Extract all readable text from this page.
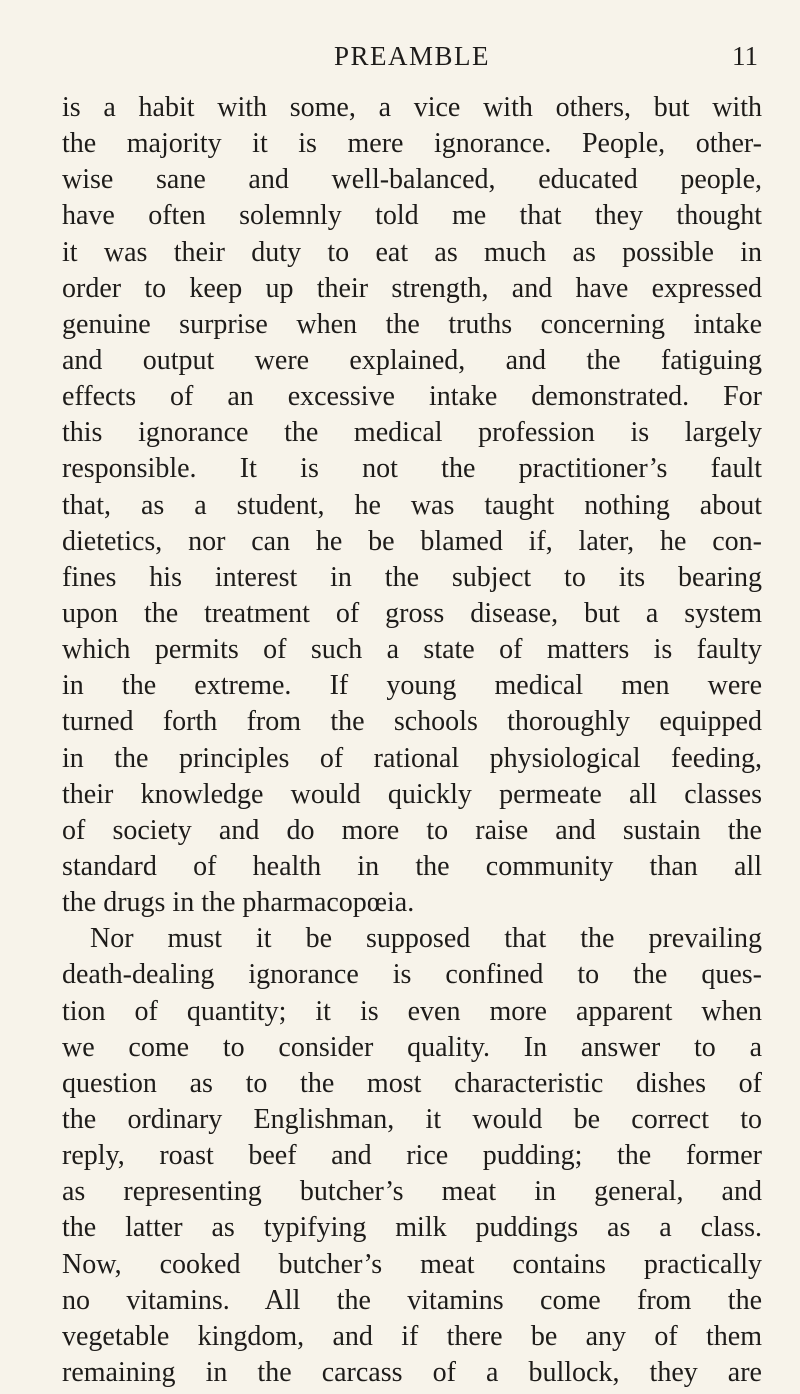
PREAMBLE	11
is a habit with some, a vice with others, but with
the majority it is mere ignorance. People, other-
wise sane and well-balanced, educated people,
have often solemnly told me that they thought
it was their duty to eat as much as possible in
order to keep up their strength, and have expressed
genuine surprise when the truths concerning intake
and output were explained, and the fatiguing
effects of an excessive intake demonstrated. For
this ignorance the medical profession is largely
responsible. It is not the practitioner’s fault
that, as a student, he was taught nothing about
dietetics, nor can he be blamed if, later, he con-
fines his interest in the subject to its bearing
upon the treatment of gross disease, but a system
which permits of such a state of matters is faulty
in the extreme. If young medical men were
turned forth from the schools thoroughly equipped
in the principles of rational physiological feeding,
their knowledge would quickly permeate all classes
of society and do more to raise and sustain the
standard of health in the community than all
the drugs in the pharmacopœia.
Nor must it be supposed that the prevailing
death-dealing ignorance is confined to the ques-
tion of quantity; it is even more apparent when
we come to consider quality. In answer to a
question as to the most characteristic dishes of
the ordinary Englishman, it would be correct to
reply, roast beef and rice pudding; the former
as representing butcher’s meat in general, and
the latter as typifying milk puddings as a class.
Now, cooked butcher’s meat contains practically
no vitamins. All the vitamins come from the
vegetable kingdom, and if there be any of them
remaining in the carcass of a bullock, they are
